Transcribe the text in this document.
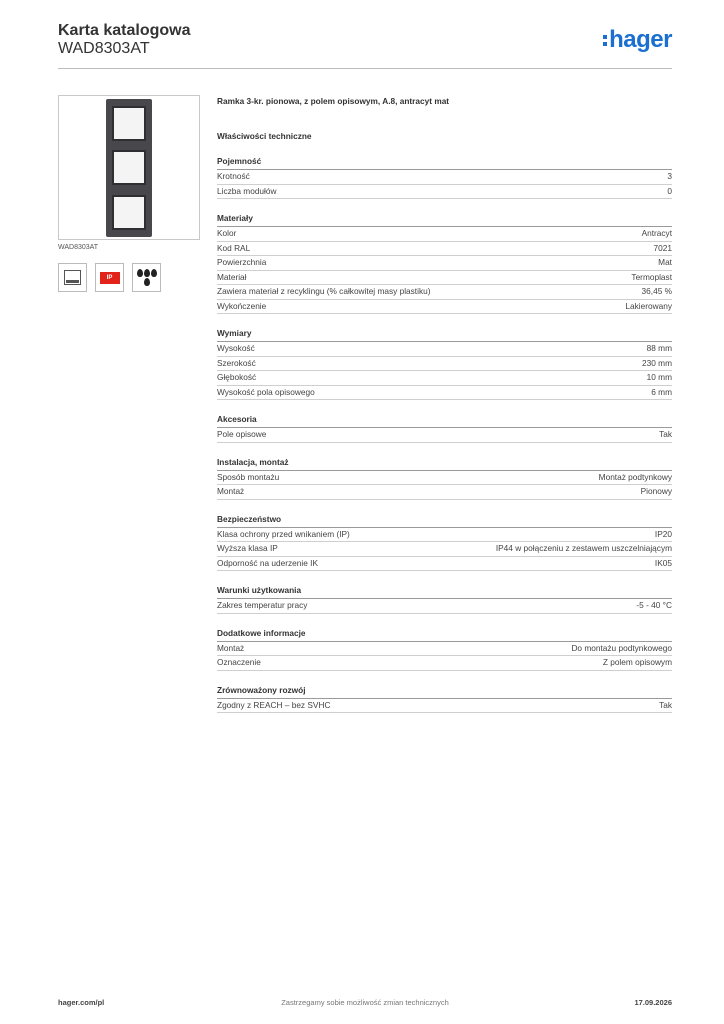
Karta katalogowa
WAD8303AT	hager
WAD8303AT
IP
Ramka 3-kr. pionowa, z polem opisowym, A.8, antracyt mat
Właściwości techniczne
Pojemność
Krotność	3
Liczba modułów	0
Materiały
Kolor	Antracyt
Kod RAL	7021
Powierzchnia	Mat
Materiał	Termoplast
Zawiera materiał z recyklingu (% całkowitej masy plastiku)	36,45 %
Wykończenie	Lakierowany
Wymiary
Wysokość	88 mm
Szerokość	230 mm
Głębokość	10 mm
Wysokość pola opisowego	6 mm
Akcesoria
Pole opisowe	Tak
Instalacja, montaż
Sposób montażu	Montaż podtynkowy
Montaż	Pionowy
Bezpieczeństwo
Klasa ochrony przed wnikaniem (IP)	IP20
Wyższa klasa IP	IP44 w połączeniu z zestawem uszczelniającym
Odporność na uderzenie IK	IK05
Warunki użytkowania
Zakres temperatur pracy	-5 - 40 °C
Dodatkowe informacje
Montaż	Do montażu podtynkowego
Oznaczenie	Z polem opisowym
Zrównoważony rozwój
Zgodny z REACH – bez SVHC	Tak
hager.com/pl	Zastrzegamy sobie możliwość zmian technicznych	17.09.2026
